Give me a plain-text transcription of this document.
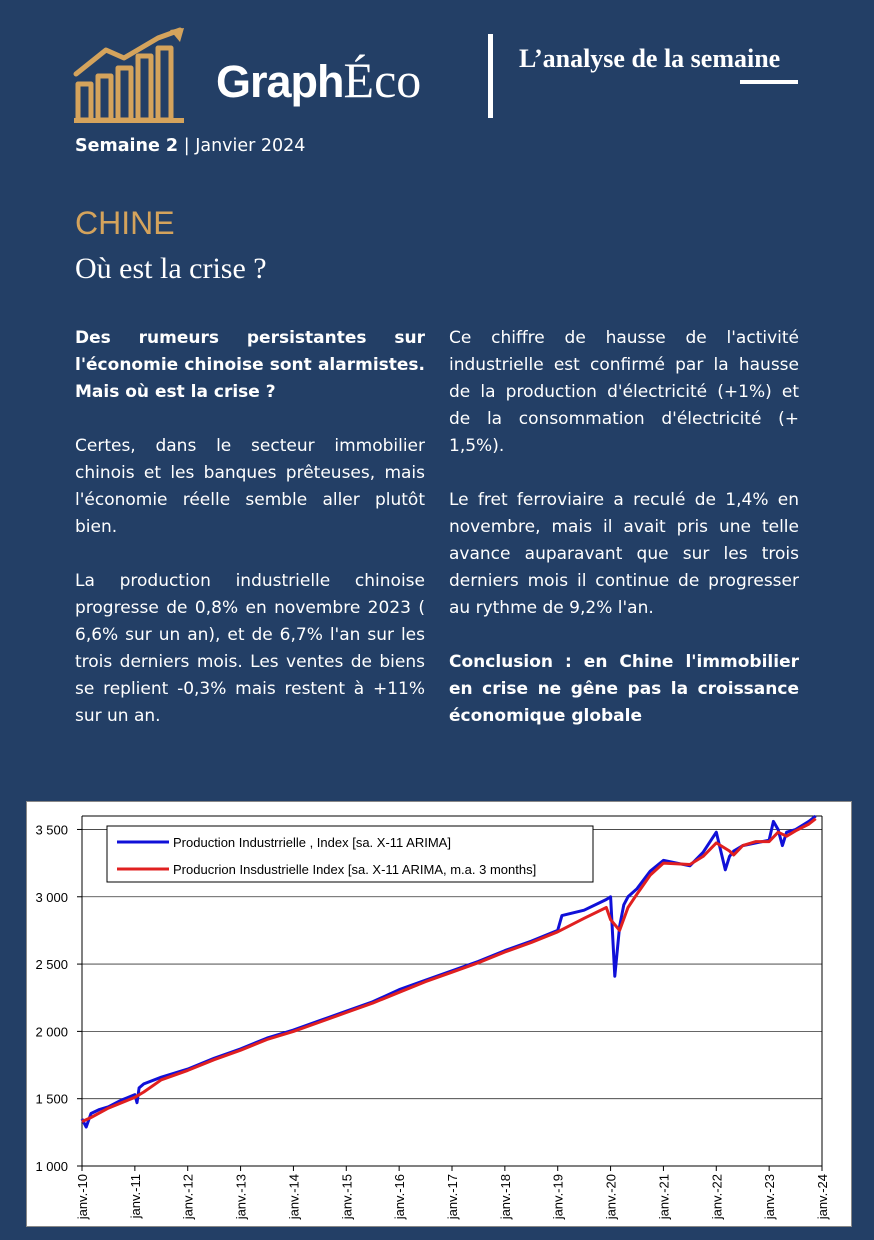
GraphÉco	L’analyse de la semaine
Semaine 2 | Janvier 2024
CHINE
Où est la crise ?

Des rumeurs persistantes sur l'économie chinoise sont alarmistes. Mais où est la crise ?

Certes, dans le secteur immobilier chinois et les banques prêteuses, mais l'économie réelle semble aller plutôt bien.

La production industrielle chinoise progresse de 0,8% en novembre 2023 ( 6,6% sur un an), et de 6,7% l'an sur les trois derniers mois. Les ventes de biens se replient -0,3% mais restent à +11% sur un an.

Ce chiffre de hausse de l'activité industrielle est confirmé par la hausse de la production d'électricité (+1%) et de la consommation d'électricité (+ 1,5%).

Le fret ferroviaire a reculé de 1,4% en novembre, mais il avait pris une telle avance auparavant que sur les trois derniers mois il continue de progresser au rythme de 9,2% l'an.

Conclusion : en Chine l'immobilier en crise ne gêne pas la croissance économique globale

1 000
1 500
2 000
2 500
3 000
3 500
janv.-10	janv.-11	janv.-12	janv.-13	janv.-14	janv.-15	janv.-16	janv.-17	janv.-18	janv.-19	janv.-20	janv.-21	janv.-22	janv.-23	janv.-24
Production Industrrielle , Index [sa. X-11 ARIMA]
Producrion Insdustrielle Index [sa. X-11 ARIMA, m.a. 3 months]
